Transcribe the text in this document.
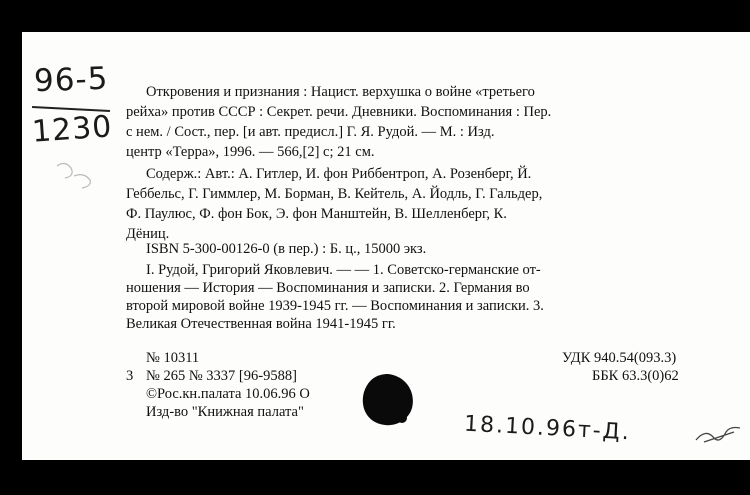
96-5
1230
Откровения и признания : Нацист. верхушка о войне «третьего
рейха» против СССР : Секрет. речи. Дневники. Воспоминания : Пер.
с нем. / Сост., пер. [и авт. предисл.] Г. Я. Рудой. — М. : Изд.
центр «Терра», 1996. — 566,[2] с; 21 см.
Содерж.: Авт.: А. Гитлер, И. фон Риббентроп, А. Розенберг, Й.
Геббельс, Г. Гиммлер, М. Борман, В. Кейтель, А. Йодль, Г. Гальдер,
Ф. Паулюс, Ф. фон Бок, Э. фон Манштейн, В. Шелленберг, К.
Дёниц.
ISBN 5-300-00126-0 (в пер.) : Б. ц., 15000 экз.
I. Рудой, Григорий Яковлевич. — — 1. Советско-германские от-
ношения — История — Воспоминания и записки. 2. Германия во
второй мировой войне 1939-1945 гг. — Воспоминания и записки. 3.
Великая Отечественная война 1941-1945 гг.
№ 10311
3 № 265 № 3337 [96-9588]
©Рос.кн.палата 10.06.96 О
Изд-во "Книжная палата"
УДК 940.54(093.3)
ББК 63.3(0)62
18.10.96т-Д.
